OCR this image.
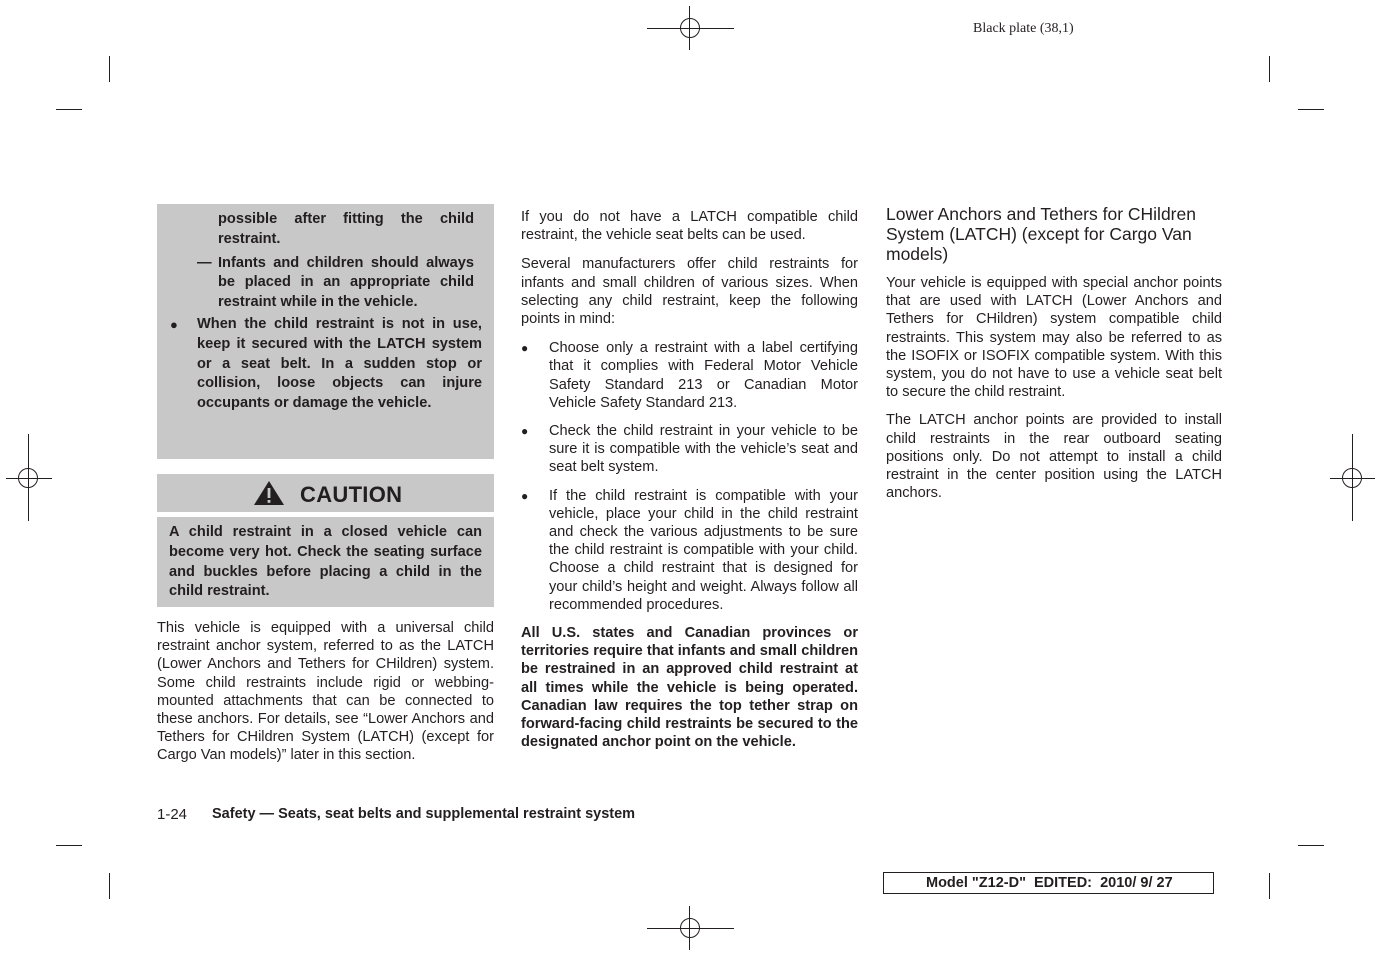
Black plate (38,1)

possible after fitting the child restraint.

— Infants and children should always be placed in an appropriate child restraint while in the vehicle.

● When the child restraint is not in use, keep it secured with the LATCH system or a seat belt. In a sudden stop or collision, loose objects can injure occupants or damage the vehicle.

CAUTION

A child restraint in a closed vehicle can become very hot. Check the seating surface and buckles before placing a child in the child restraint.

This vehicle is equipped with a universal child restraint anchor system, referred to as the LATCH (Lower Anchors and Tethers for CHildren) system. Some child restraints include rigid or webbing-mounted attachments that can be connected to these anchors. For details, see “Lower Anchors and Tethers for CHildren System (LATCH) (except for Cargo Van models)” later in this section.

If you do not have a LATCH compatible child restraint, the vehicle seat belts can be used.

Several manufacturers offer child restraints for infants and small children of various sizes. When selecting any child restraint, keep the following points in mind:

● Choose only a restraint with a label certifying that it complies with Federal Motor Vehicle Safety Standard 213 or Canadian Motor Vehicle Safety Standard 213.
● Check the child restraint in your vehicle to be sure it is compatible with the vehicle’s seat and seat belt system.
● If the child restraint is compatible with your vehicle, place your child in the child restraint and check the various adjustments to be sure the child restraint is compatible with your child. Choose a child restraint that is designed for your child’s height and weight. Always follow all recommended procedures.

All U.S. states and Canadian provinces or territories require that infants and small children be restrained in an approved child restraint at all times while the vehicle is being operated. Canadian law requires the top tether strap on forward-facing child restraints be secured to the designated anchor point on the vehicle.

Lower Anchors and Tethers for CHildren System (LATCH) (except for Cargo Van models)

Your vehicle is equipped with special anchor points that are used with LATCH (Lower Anchors and Tethers for CHildren) system compatible child restraints. This system may also be referred to as the ISOFIX or ISOFIX compatible system. With this system, you do not have to use a vehicle seat belt to secure the child restraint.

The LATCH anchor points are provided to install child restraints in the rear outboard seating positions only. Do not attempt to install a child restraint in the center position using the LATCH anchors.

1-24 Safety — Seats, seat belts and supplemental restraint system
Model "Z12-D"  EDITED:  2010/ 9/ 27
